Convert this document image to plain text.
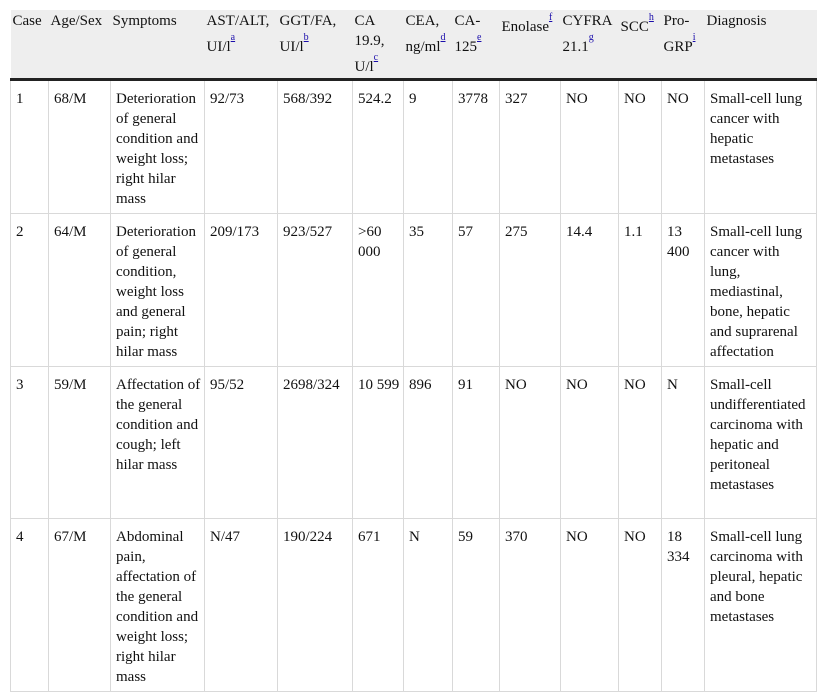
Case	Age/Sex	Symptoms	AST/ALT, UI/l$^{^a}$	GGT/FA, UI/l$^{^b}$	CA 19.9, U/l$^{^c}$	CEA, ng/ml$^{^d}$	CA-125e	Enolase$^{^f}$	CYFRA 21.1$^{^g}$	SCC$^{^h}$	Pro-GRP$^{^i}$	Diagnosis
1	68/M	Deterioration of general condition and weight loss; right hilar mass	92/73	568/392	524.2	9	3778	327	NO	NO	NO	Small-cell lung cancer with hepatic metastases
2	64/M	Deterioration of general condition, weight loss and general pain; right hilar mass	209/173	923/527	>60 000	35	57	275	14.4	1.1	13 400	Small-cell lung cancer with lung, mediastinal, bone, hepatic and suprarenal affectation
3	59/M	Affectation of the general condition and cough; left hilar mass	95/52	2698/324	10 599	896	91	NO	NO	NO	N	Small-cell undifferentiated carcinoma with hepatic and peritoneal metastases
4	67/M	Abdominal pain, affectation of the general condition and weight loss; right hilar mass	N/47	190/224	671	N	59	370	NO	NO	18 334	Small-cell lung carcinoma with pleural, hepatic and bone metastases
